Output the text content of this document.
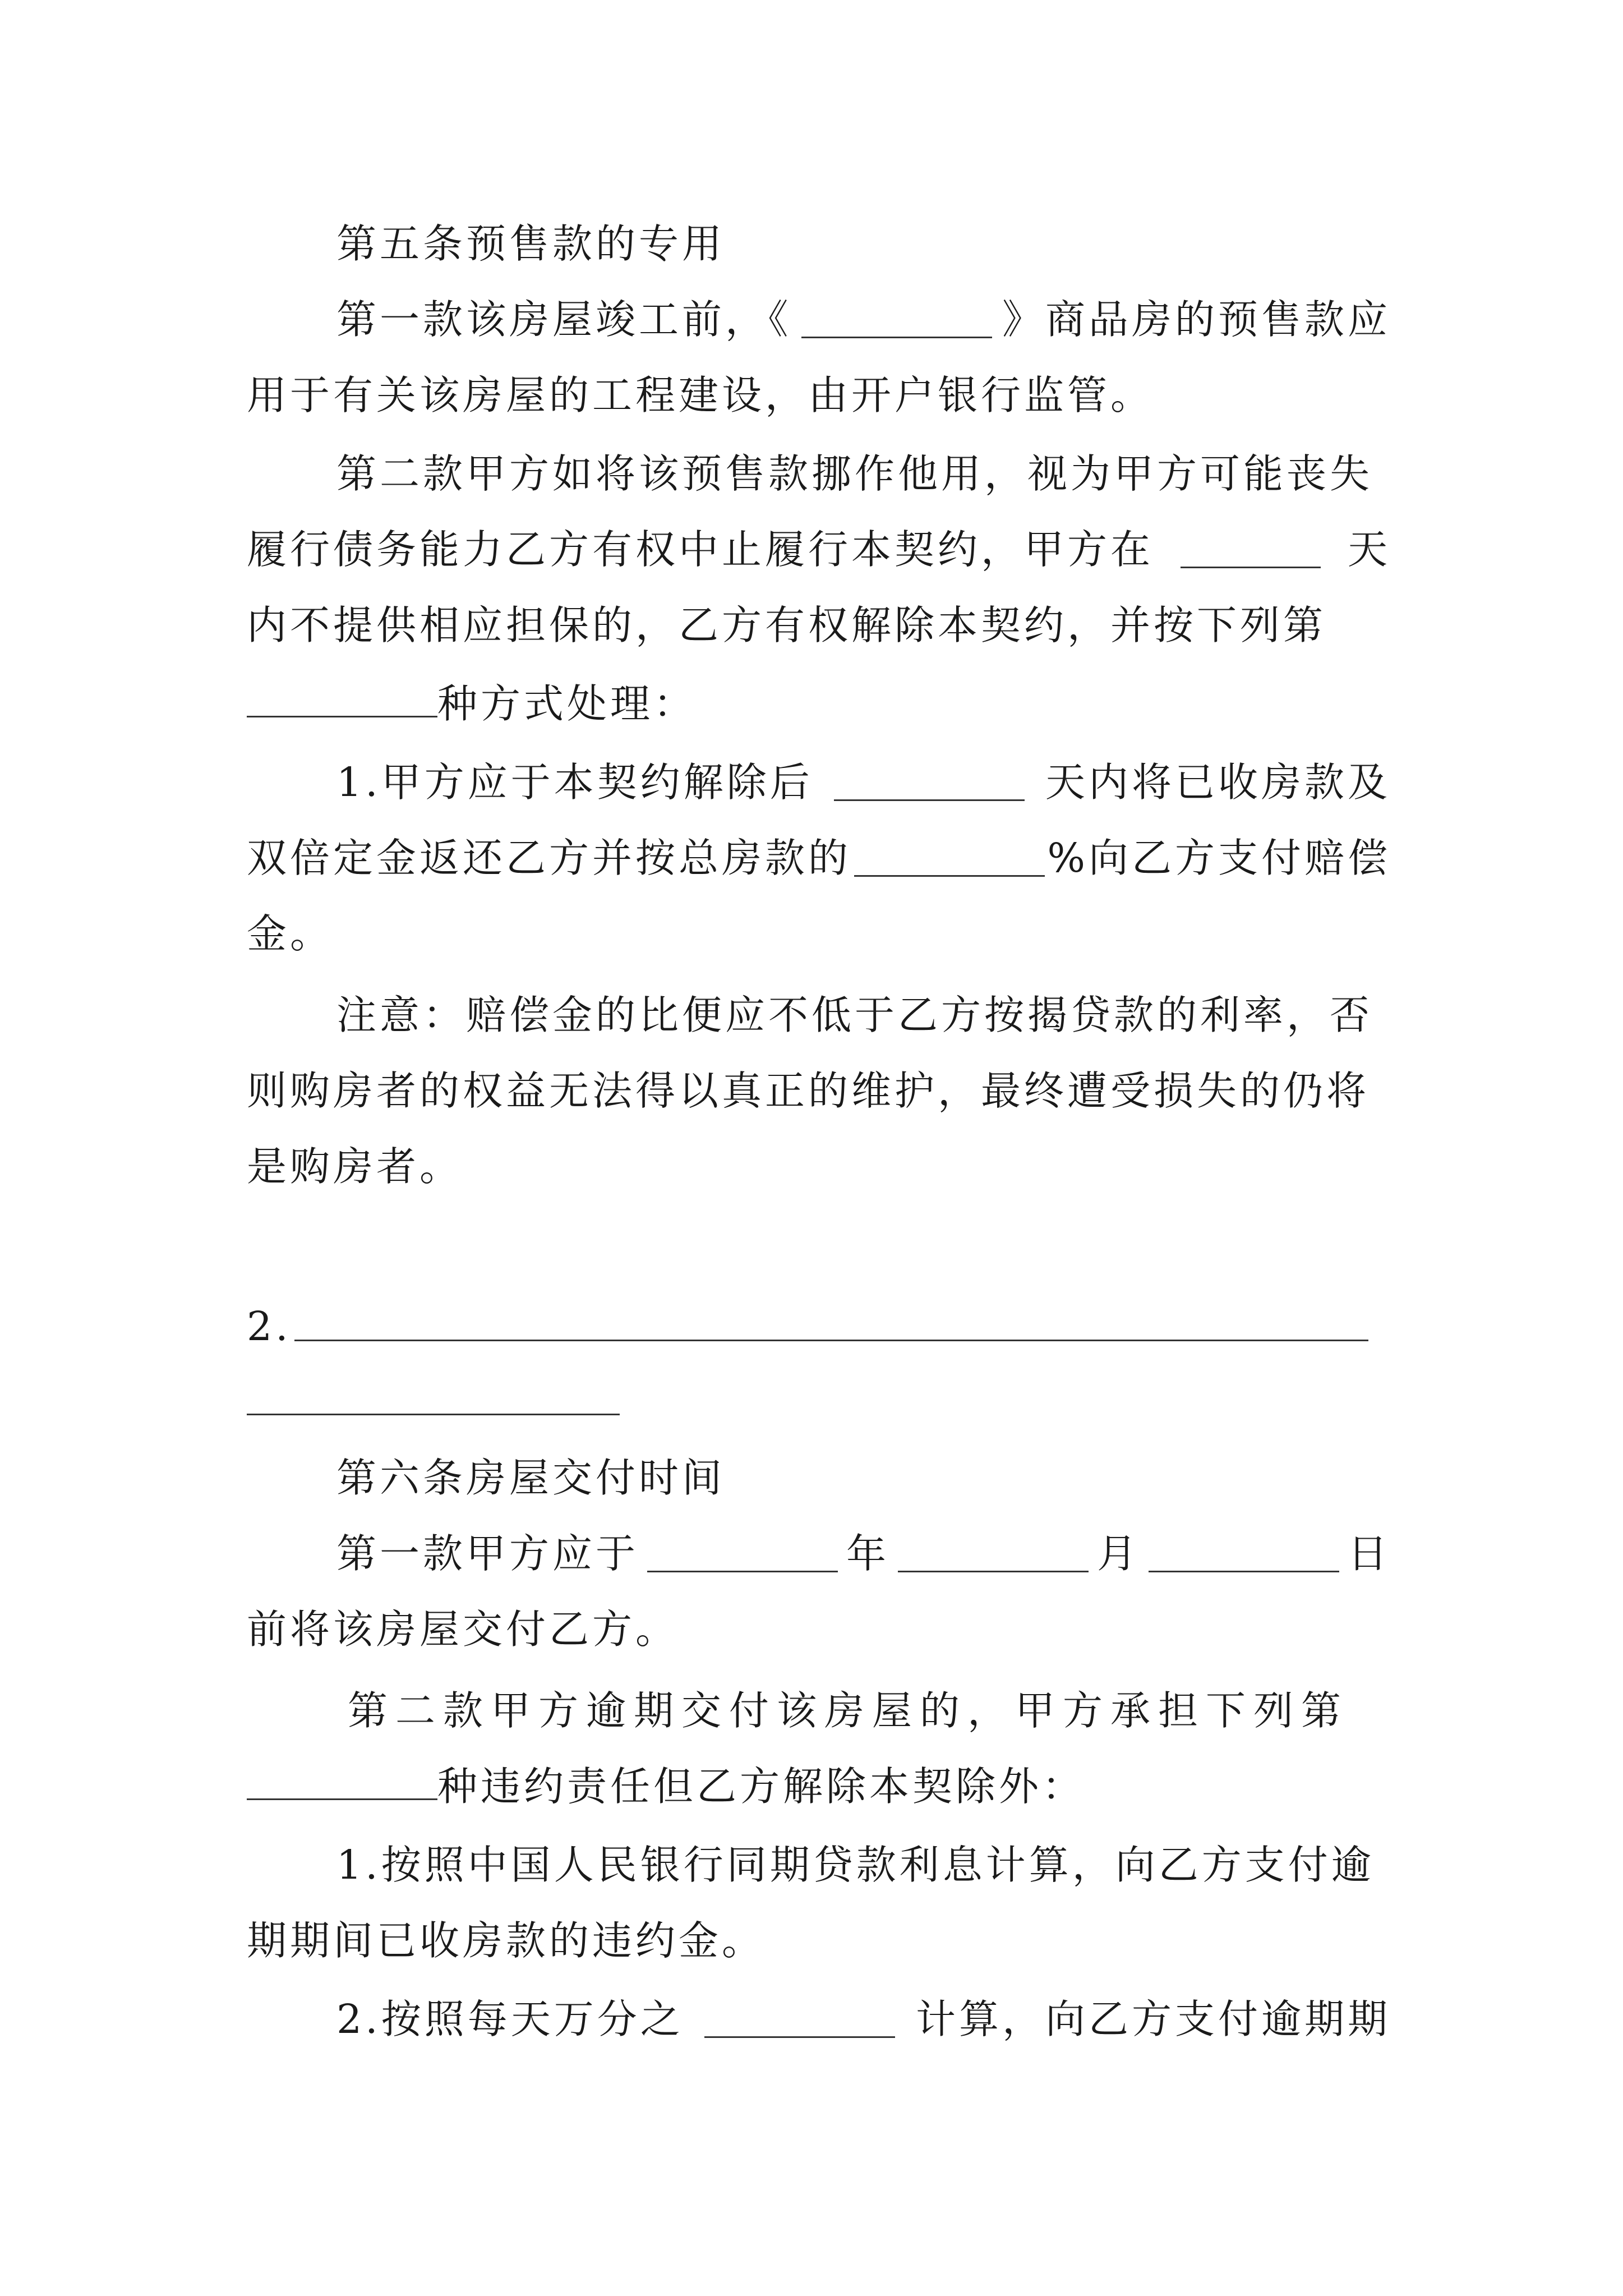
第五条预售款的专用
第一款该房屋竣工前，《	》商品房的预售款应
用于有关该房屋的工程建设，由开户银行监管。
第二款甲方如将该预售款挪作他用，视为甲方可能丧失
履行债务能力乙方有权中止履行本契约，甲方在	天
内不提供相应担保的，乙方有权解除本契约，并按下列第
种方式处理：
1.甲方应于本契约解除后	天内将已收房款及
双倍定金返还乙方并按总房款的	%向乙方支付赔偿
金。
注意：赔偿金的比便应不低于乙方按揭贷款的利率，否
则购房者的权益无法得以真正的维护，最终遭受损失的仍将
是购房者。
2.
第六条房屋交付时间
第一款甲方应于	年	月	日
前将该房屋交付乙方。
第二款甲方逾期交付该房屋的，甲方承担下列第
种违约责任但乙方解除本契除外：
1.按照中国人民银行同期贷款利息计算，向乙方支付逾
期期间已收房款的违约金。
2.按照每天万分之	计算，向乙方支付逾期期
